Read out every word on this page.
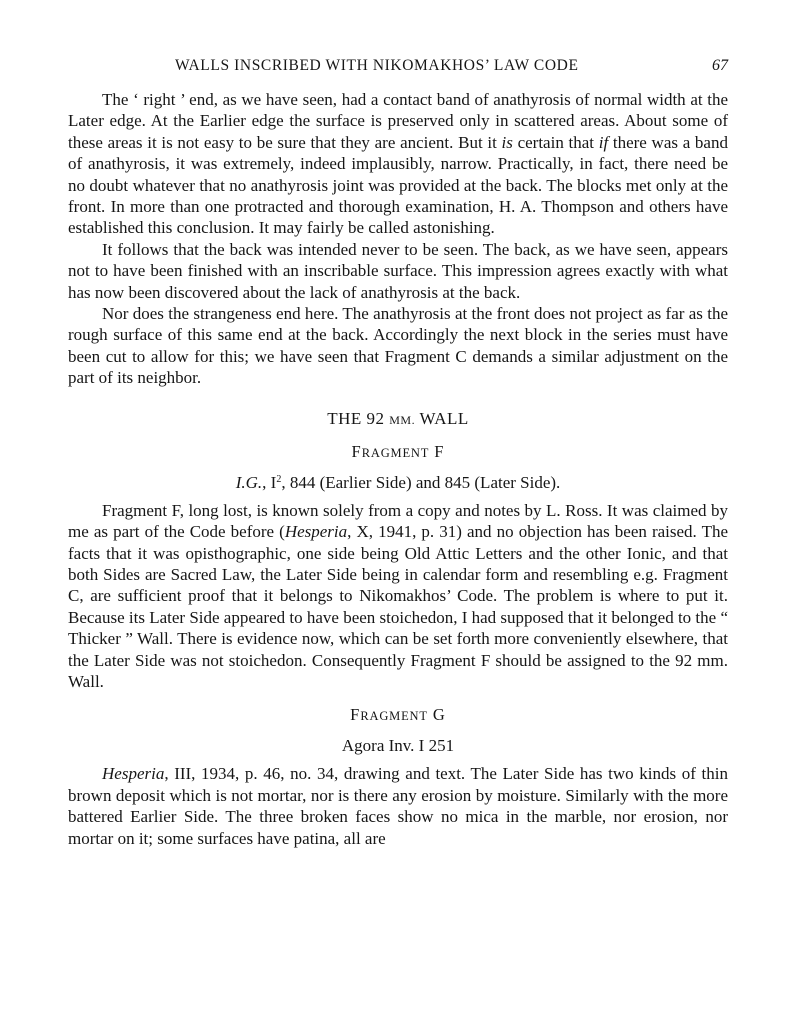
WALLS INSCRIBED WITH NIKOMAKHOS’ LAW CODE	67

The ‘ right ’ end, as we have seen, had a contact band of anathyrosis of normal width at the Later edge. At the Earlier edge the surface is preserved only in scattered areas. About some of these areas it is not easy to be sure that they are ancient. But it is certain that if there was a band of anathyrosis, it was extremely, indeed implausibly, narrow. Practically, in fact, there need be no doubt whatever that no anathyrosis joint was provided at the back. The blocks met only at the front. In more than one protracted and thorough examination, H. A. Thompson and others have established this conclusion. It may fairly be called astonishing.

It follows that the back was intended never to be seen. The back, as we have seen, appears not to have been finished with an inscribable surface. This impression agrees exactly with what has now been discovered about the lack of anathyrosis at the back.

Nor does the strangeness end here. The anathyrosis at the front does not project as far as the rough surface of this same end at the back. Accordingly the next block in the series must have been cut to allow for this; we have seen that Fragment C demands a similar adjustment on the part of its neighbor.

THE 92 MM. WALL
FRAGMENT F
I.G., $I^2$, 844 (Earlier Side) and 845 (Later Side).

Fragment F, long lost, is known solely from a copy and notes by L. Ross. It was claimed by me as part of the Code before (Hesperia, X, 1941, p. 31) and no objection has been raised. The facts that it was opisthographic, one side being Old Attic Letters and the other Ionic, and that both Sides are Sacred Law, the Later Side being in calendar form and resembling e.g. Fragment C, are sufficient proof that it belongs to Nikomakhos’ Code. The problem is where to put it. Because its Later Side appeared to have been stoichedon, I had supposed that it belonged to the “ Thicker ” Wall. There is evidence now, which can be set forth more conveniently elsewhere, that the Later Side was not stoichedon. Consequently Fragment F should be assigned to the 92 mm. Wall.

FRAGMENT G
Agora Inv. I 251

Hesperia, III, 1934, p. 46, no. 34, drawing and text. The Later Side has two kinds of thin brown deposit which is not mortar, nor is there any erosion by moisture. Similarly with the more battered Earlier Side. The three broken faces show no mica in the marble, nor erosion, nor mortar on it; some surfaces have patina, all are
